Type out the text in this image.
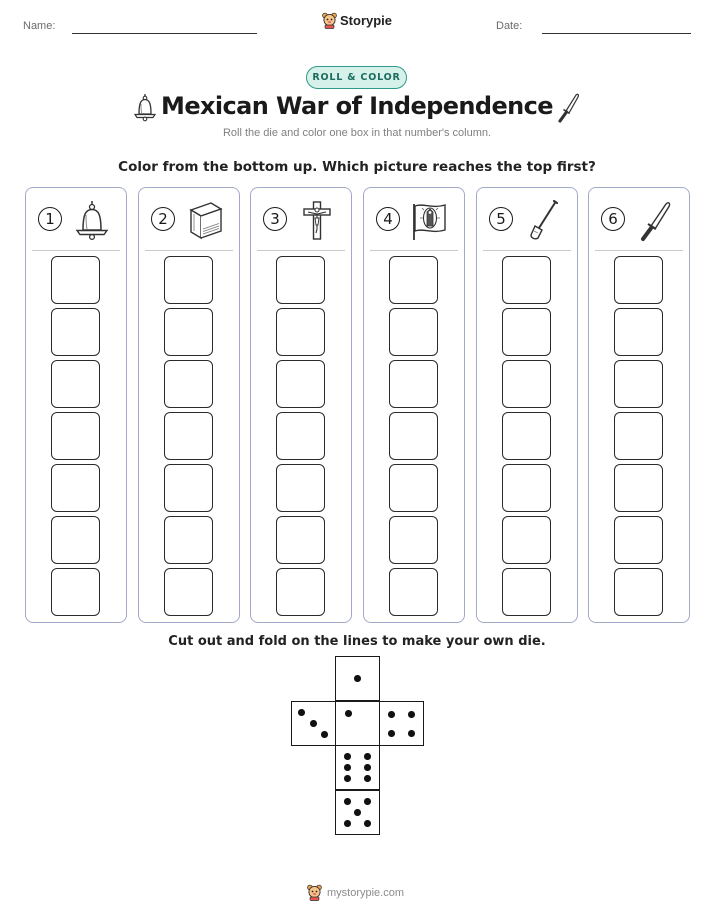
Name:	Storypie	Date:
ROLL & COLOR
Mexican War of Independence
Roll the die and color one box in that number's column.
Color from the bottom up. Which picture reaches the top first?
1	2	3	4	5	6
Cut out and fold on the lines to make your own die.
mystorypie.com
